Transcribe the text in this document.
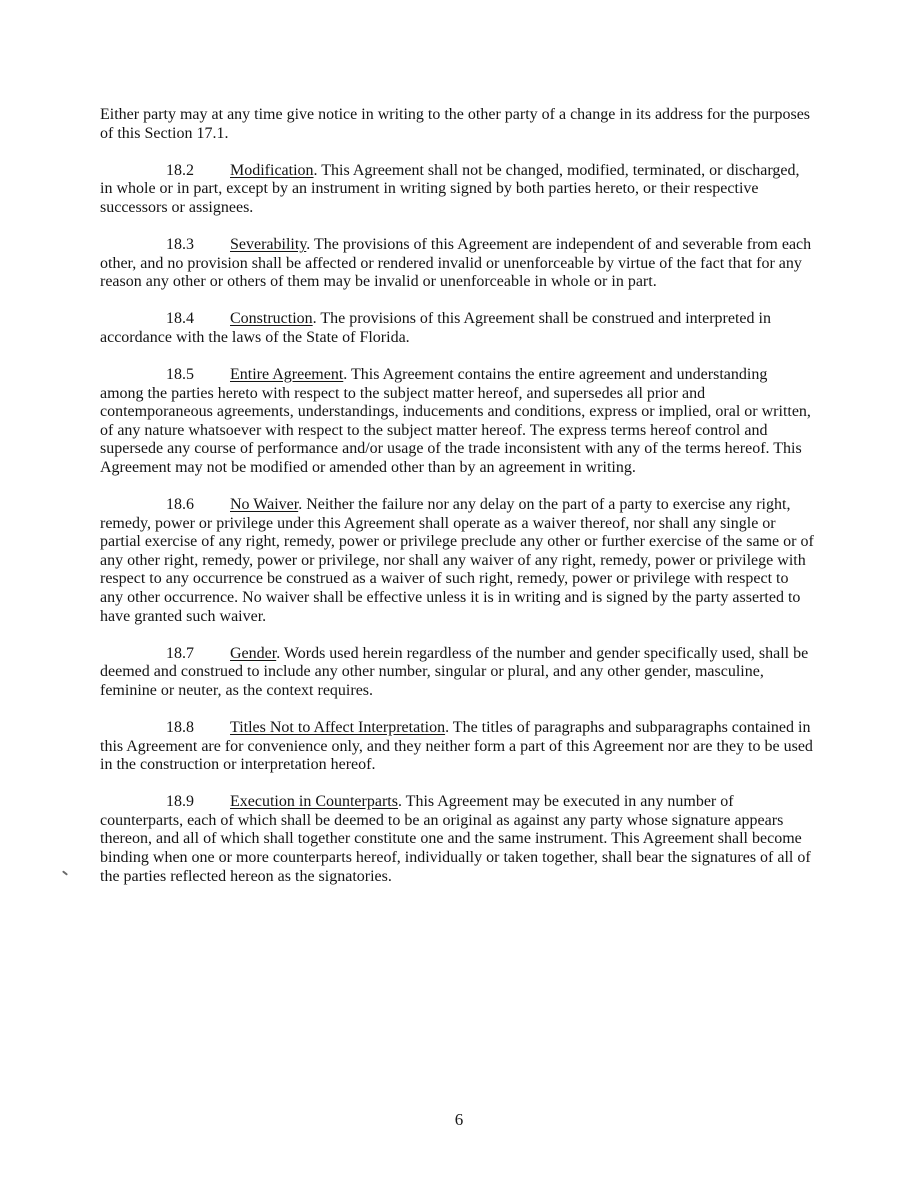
Either party may at any time give notice in writing to the other party of a change in its address for the purposes of this Section 17.1.

18.2 Modification. This Agreement shall not be changed, modified, terminated, or discharged, in whole or in part, except by an instrument in writing signed by both parties hereto, or their respective successors or assignees.

18.3 Severability. The provisions of this Agreement are independent of and severable from each other, and no provision shall be affected or rendered invalid or unenforceable by virtue of the fact that for any reason any other or others of them may be invalid or unenforceable in whole or in part.

18.4 Construction. The provisions of this Agreement shall be construed and interpreted in accordance with the laws of the State of Florida.

18.5 Entire Agreement. This Agreement contains the entire agreement and understanding among the parties hereto with respect to the subject matter hereof, and supersedes all prior and contemporaneous agreements, understandings, inducements and conditions, express or implied, oral or written, of any nature whatsoever with respect to the subject matter hereof. The express terms hereof control and supersede any course of performance and/or usage of the trade inconsistent with any of the terms hereof. This Agreement may not be modified or amended other than by an agreement in writing.

18.6 No Waiver. Neither the failure nor any delay on the part of a party to exercise any right, remedy, power or privilege under this Agreement shall operate as a waiver thereof, nor shall any single or partial exercise of any right, remedy, power or privilege preclude any other or further exercise of the same or of any other right, remedy, power or privilege, nor shall any waiver of any right, remedy, power or privilege with respect to any occurrence be construed as a waiver of such right, remedy, power or privilege with respect to any other occurrence. No waiver shall be effective unless it is in writing and is signed by the party asserted to have granted such waiver.

18.7 Gender. Words used herein regardless of the number and gender specifically used, shall be deemed and construed to include any other number, singular or plural, and any other gender, masculine, feminine or neuter, as the context requires.

18.8 Titles Not to Affect Interpretation. The titles of paragraphs and subparagraphs contained in this Agreement are for convenience only, and they neither form a part of this Agreement nor are they to be used in the construction or interpretation hereof.

18.9 Execution in Counterparts. This Agreement may be executed in any number of counterparts, each of which shall be deemed to be an original as against any party whose signature appears thereon, and all of which shall together constitute one and the same instrument. This Agreement shall become binding when one or more counterparts hereof, individually or taken together, shall bear the signatures of all of the parties reflected hereon as the signatories.

6
